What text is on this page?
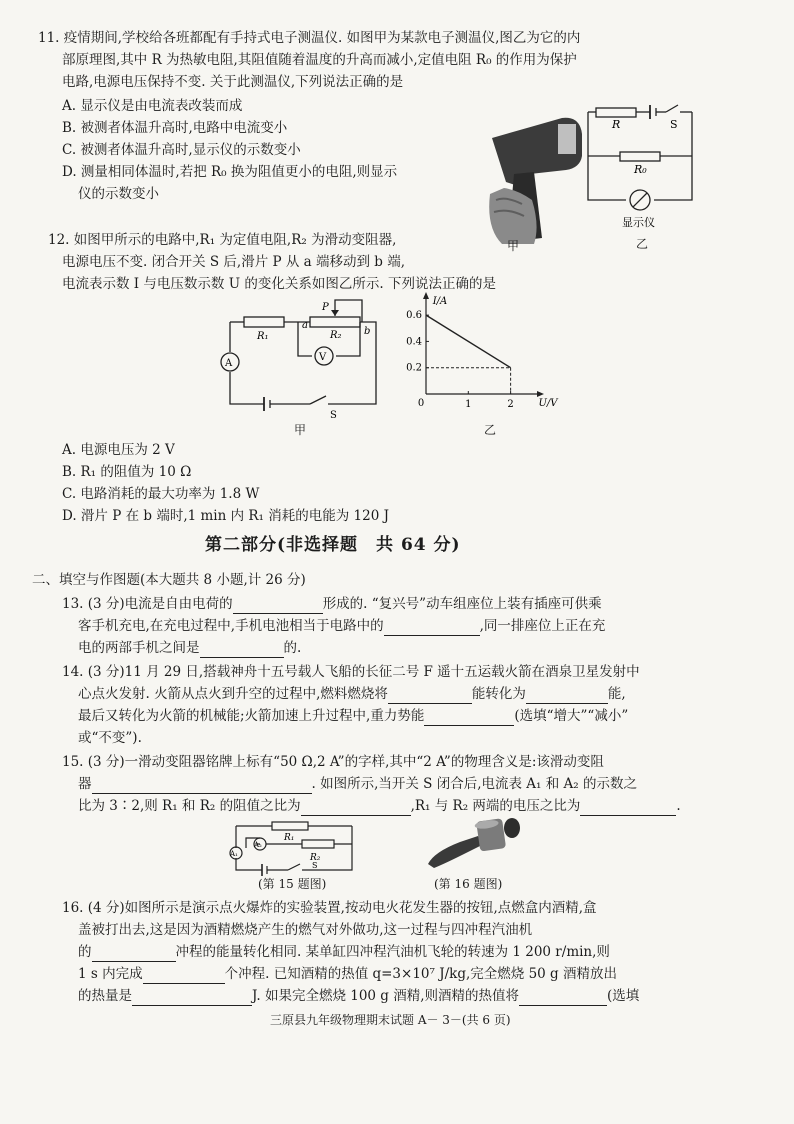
11. 疫情期间,学校给各班都配有手持式电子测温仪. 如图甲为某款电子测温仪,图乙为它的内
部原理图,其中 R 为热敏电阻,其阻值随着温度的升高而减小,定值电阻 R₀ 的作用为保护
电路,电源电压保持不变. 关于此测温仪,下列说法正确的是
A. 显示仪是由电流表改装而成
B. 被测者体温升高时,电路中电流变小
C. 被测者体温升高时,显示仪的示数变小
D. 测量相同体温时,若把 R₀ 换为阻值更小的电阻,则显示
仪的示数变小
甲
R	S
R₀
显示仪
乙
12. 如图甲所示的电路中,R₁ 为定值电阻,R₂ 为滑动变阻器,
电源电压不变. 闭合开关 S 后,滑片 P 从 a 端移动到 b 端,
电流表示数 I 与电压数示数 U 的变化关系如图乙所示. 下列说法正确的是
R₁	R₂
P
a
b
A
V
S
甲
1	2
0.2
0.4
0.6
0	U/V
I/A
乙
A. 电源电压为 2 V
B. R₁ 的阻值为 10 Ω
C. 电路消耗的最大功率为 1.8 W
D. 滑片 P 在 b 端时,1 min 内 R₁ 消耗的电能为 120 J
第二部分(非选择题　共 64 分)
二、填空与作图题(本大题共 8 小题,计 26 分)
13. (3 分)电流是自由电荷的	形成的. “复兴号”动车组座位上装有插座可供乘
客手机充电,在充电过程中,手机电池相当于电路中的	,同一排座位上正在充
电的两部手机之间是	的.
14. (3 分)11 月 29 日,搭载神舟十五号载人飞船的长征二号 F 遥十五运载火箭在酒泉卫星发射中
心点火发射. 火箭从点火到升空的过程中,燃料燃烧将	能转化为	能,
最后又转化为火箭的机械能;火箭加速上升过程中,重力势能	(选填“增大”“减小”
或“不变”).
15. (3 分)一滑动变阻器铭牌上标有“50 Ω,2 A”的字样,其中“2 A”的物理含义是:该滑动变阻
器	. 如图所示,当开关 S 闭合后,电流表 A₁ 和 A₂ 的示数之
比为 3∶2,则 R₁ 和 R₂ 的阻值之比为	,R₁ 与 R₂ 两端的电压之比为	.
R₁
R₂
A₂
A₁
S
(第 15 题图)	(第 16 题图)
16. (4 分)如图所示是演示点火爆炸的实验装置,按动电火花发生器的按钮,点燃盒内酒精,盒
盖被打出去,这是因为酒精燃烧产生的燃气对外做功,这一过程与四冲程汽油机
的	冲程的能量转化相同. 某单缸四冲程汽油机飞轮的转速为 1 200 r/min,则
1 s 内完成	个冲程. 已知酒精的热值 q=3×10⁷ J/kg,完全燃烧 50 g 酒精放出
的热量是	J. 如果完全燃烧 100 g 酒精,则酒精的热值将	(选填
三原县九年级物理期末试题 A－ 3－(共 6 页)
